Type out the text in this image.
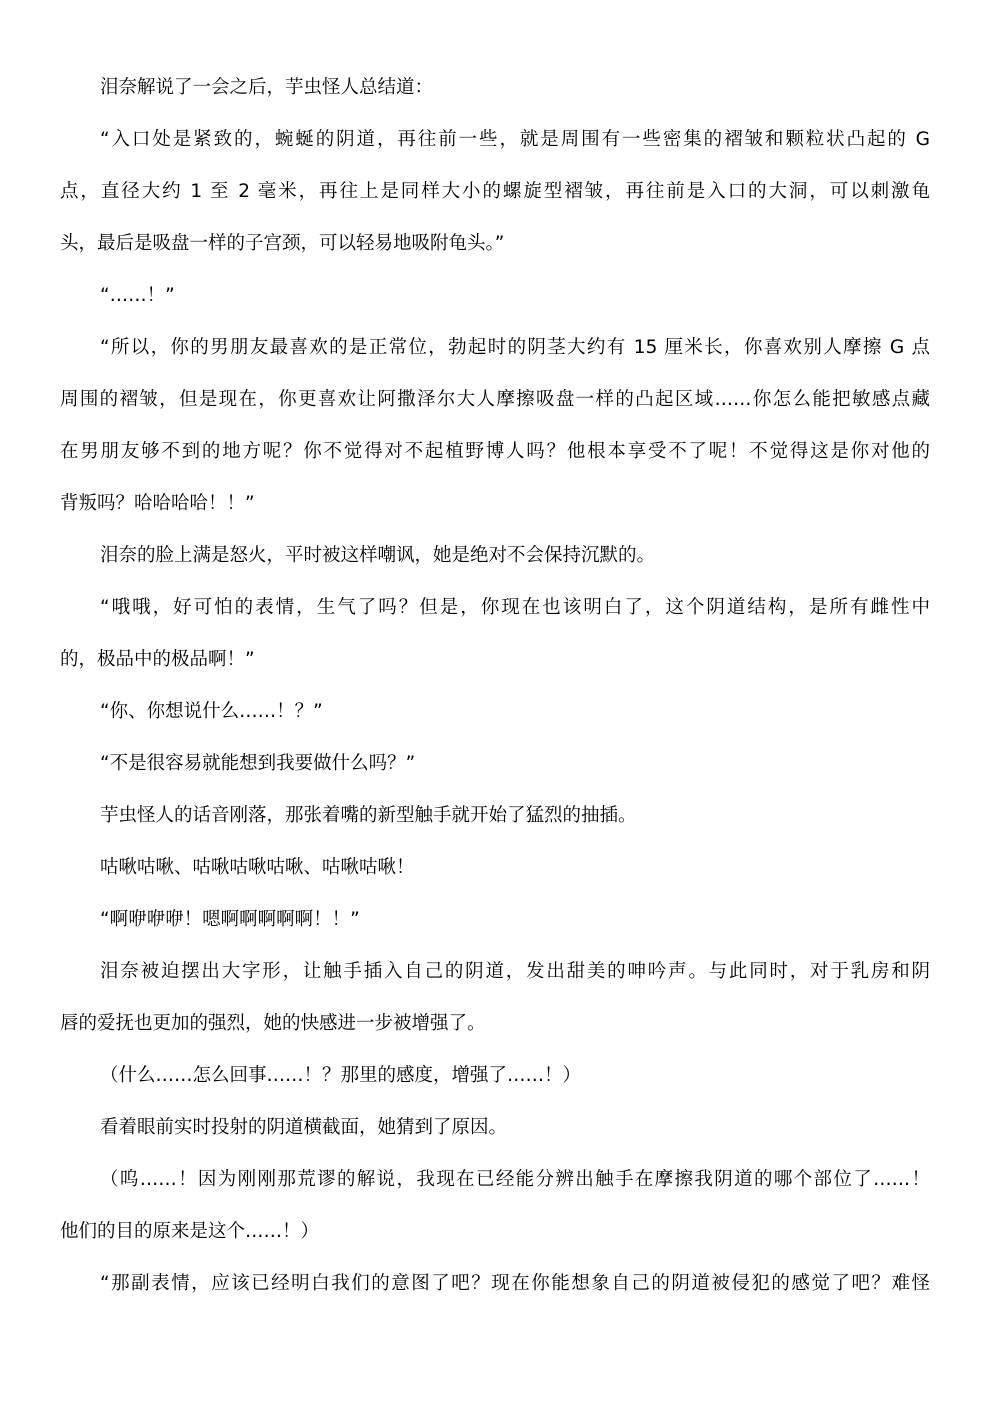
泪奈解说了一会之后，芋虫怪人总结道：
“入口处是紧致的，蜿蜒的阴道，再往前一些，就是周围有一些密集的褶皱和颗粒状凸起的 G
点，直径大约 1 至 2 毫米，再往上是同样大小的螺旋型褶皱，再往前是入口的大洞，可以刺激龟
头，最后是吸盘一样的子宫颈，可以轻易地吸附龟头。”
“……！”
“所以，你的男朋友最喜欢的是正常位，勃起时的阴茎大约有 15 厘米长，你喜欢别人摩擦 G 点
周围的褶皱，但是现在，你更喜欢让阿撒泽尔大人摩擦吸盘一样的凸起区域……你怎么能把敏感点藏
在男朋友够不到的地方呢？你不觉得对不起植野博人吗？他根本享受不了呢！不觉得这是你对他的
背叛吗？哈哈哈哈！！”
泪奈的脸上满是怒火，平时被这样嘲讽，她是绝对不会保持沉默的。
“哦哦，好可怕的表情，生气了吗？但是，你现在也该明白了，这个阴道结构，是所有雌性中
的，极品中的极品啊！”
“你、你想说什么……！？”
“不是很容易就能想到我要做什么吗？”
芋虫怪人的话音刚落，那张着嘴的新型触手就开始了猛烈的抽插。
咕啾咕啾、咕啾咕啾咕啾、咕啾咕啾！
“啊咿咿咿！嗯啊啊啊啊啊！！”
泪奈被迫摆出大字形，让触手插入自己的阴道，发出甜美的呻吟声。与此同时，对于乳房和阴
唇的爱抚也更加的强烈，她的快感进一步被增强了。
（什么……怎么回事……！？那里的感度，增强了……！）
看着眼前实时投射的阴道横截面，她猜到了原因。
（呜……！因为刚刚那荒谬的解说，我现在已经能分辨出触手在摩擦我阴道的哪个部位了……！
他们的目的原来是这个……！）
“那副表情，应该已经明白我们的意图了吧？现在你能想象自己的阴道被侵犯的感觉了吧？难怪
